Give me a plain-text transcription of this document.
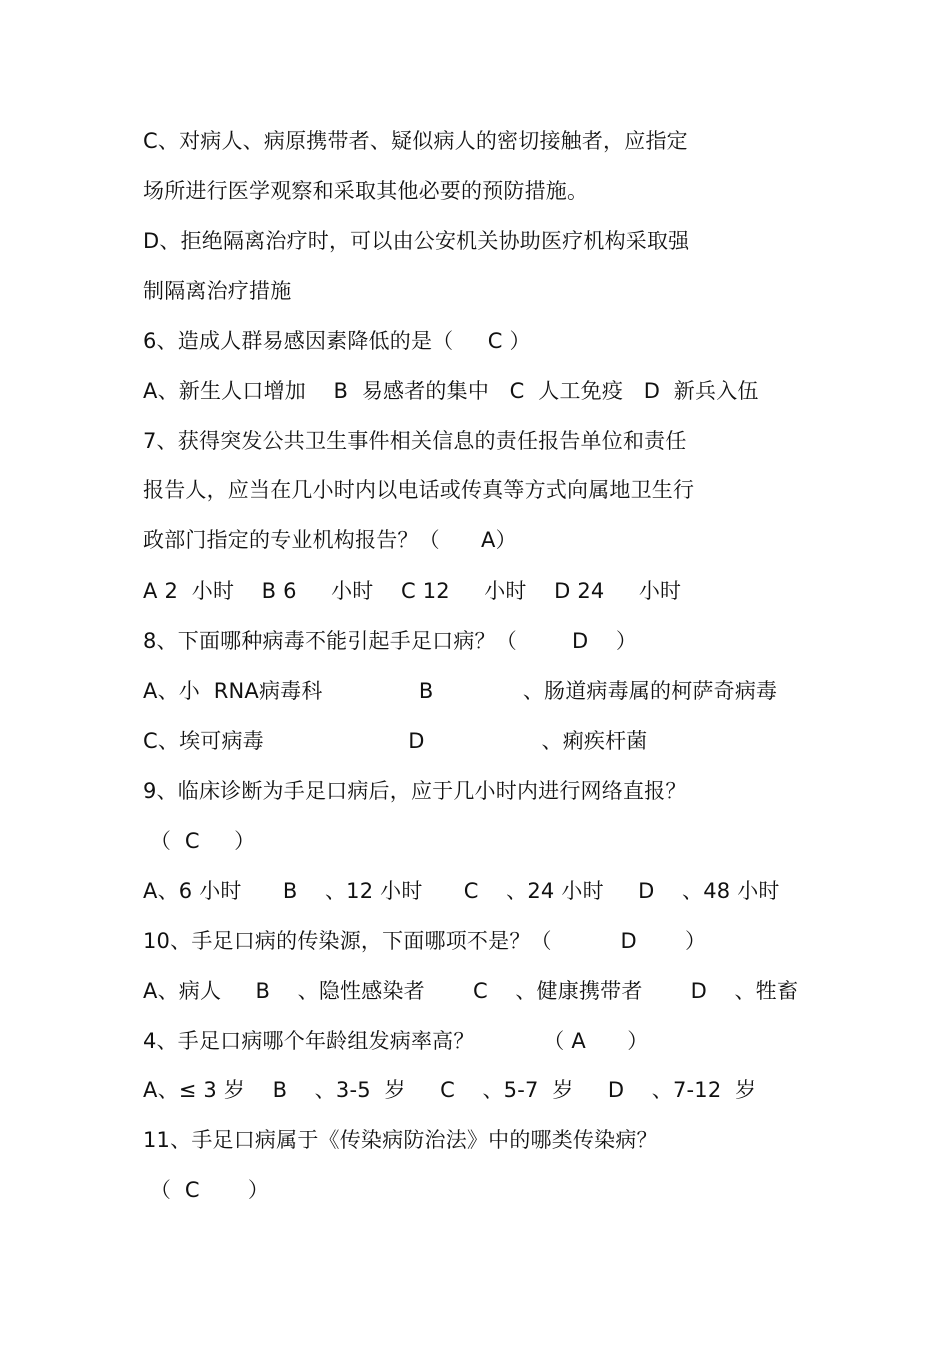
C、对病人、病原携带者、疑似病人的密切接触者，应指定
场所进行医学观察和采取其他必要的预防措施。
D、拒绝隔离治疗时，可以由公安机关协助医疗机构采取强
制隔离治疗措施
6、造成人群易感因素降低的是（     C ）
A、新生人口增加    B  易感者的集中   C  人工免疫   D  新兵入伍
7、获得突发公共卫生事件相关信息的责任报告单位和责任
报告人，应当在几小时内以电话或传真等方式向属地卫生行
政部门指定的专业机构报告？（      A）
A 2  小时    B 6     小时    C 12     小时    D 24     小时
8、下面哪种病毒不能引起手足口病？（        D    ）
A、小  RNA病毒科              B             、肠道病毒属的柯萨奇病毒
C、埃可病毒                     D                 、痢疾杆菌
9、临床诊断为手足口病后，应于几小时内进行网络直报？
（  C     ）
A、6 小时      B    、12 小时      C    、24 小时     D    、48 小时
10、手足口病的传染源，下面哪项不是？（          D       ）
A、病人     B    、隐性感染者       C    、健康携带者       D    、牲畜
4、手足口病哪个年龄组发病率高？          （ A      ）
A、≤ 3 岁    B    、3-5  岁     C    、5-7  岁     D    、7-12  岁
11、手足口病属于《传染病防治法》中的哪类传染病？
（  C       ）
